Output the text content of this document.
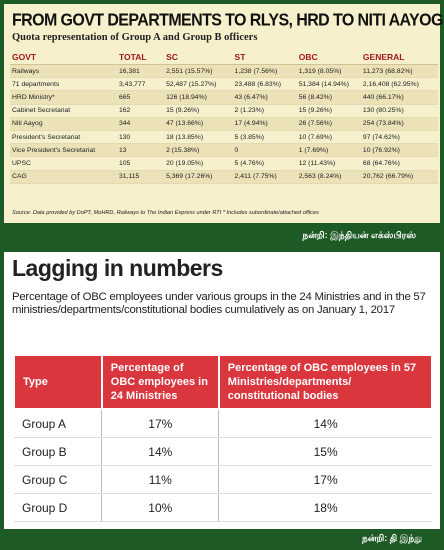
FROM GOVT DEPARTMENTS TO RLYS, HRD TO NITI AAYOG
Quota representation of Group A and Group B officers
GOVT	TOTAL	SC	ST	OBC	GENERAL
Railways	16,381	2,551 (15.57%)	1,238 (7.56%)	1,319 (8.05%)	11,273 (68.82%)
71 departments	3,43,777	52,487 (15.27%)	23,488 (6.83%)	51,384 (14.94%)	2,16,408 (62.95%)
HRD Ministry*	665	126 (18.94%)	43 (6.47%)	56 (8.42%)	440 (66.17%)
Cabinet Secretariat	162	15 (9.26%)	2 (1.23%)	15 (9.26%)	130 (80.25%)
Niti Aayog	344	47 (13.66%)	17 (4.94%)	26 (7.56%)	254 (73.84%)
President's Secretariat	130	18 (13.85%)	5 (3.85%)	10 (7.69%)	97 (74.62%)
Vice President's Secretariat	13	2 (15.38%)	0	1 (7.69%)	10 (76.92%)
UPSC	105	20 (19.05%)	5 (4.76%)	12 (11.43%)	68 (64.76%)
CAG	31,115	5,369 (17.26%)	2,411 (7.75%)	2,563 (8.24%)	20,762 (66.79%)
Source: Data provided by DoPT, MoHRD, Railways to The Indian Express under RTI * Includes subordinate/attached offices
நன்றி: இந்தியன் எக்ஸ்பிரஸ்
Lagging in numbers
Percentage of OBC employees under various groups in the 24 Ministries and in the 57 ministries/departments/constitutional bodies cumulatively as on January 1, 2017
Type	Percentage of OBC employees in 24 Ministries	Percentage of OBC employees in 57 Ministries/departments/ constitutional bodies
Group A	17%	14%
Group B	14%	15%
Group C	11%	17%
Group D	10%	18%
நன்றி: தி இந்து
